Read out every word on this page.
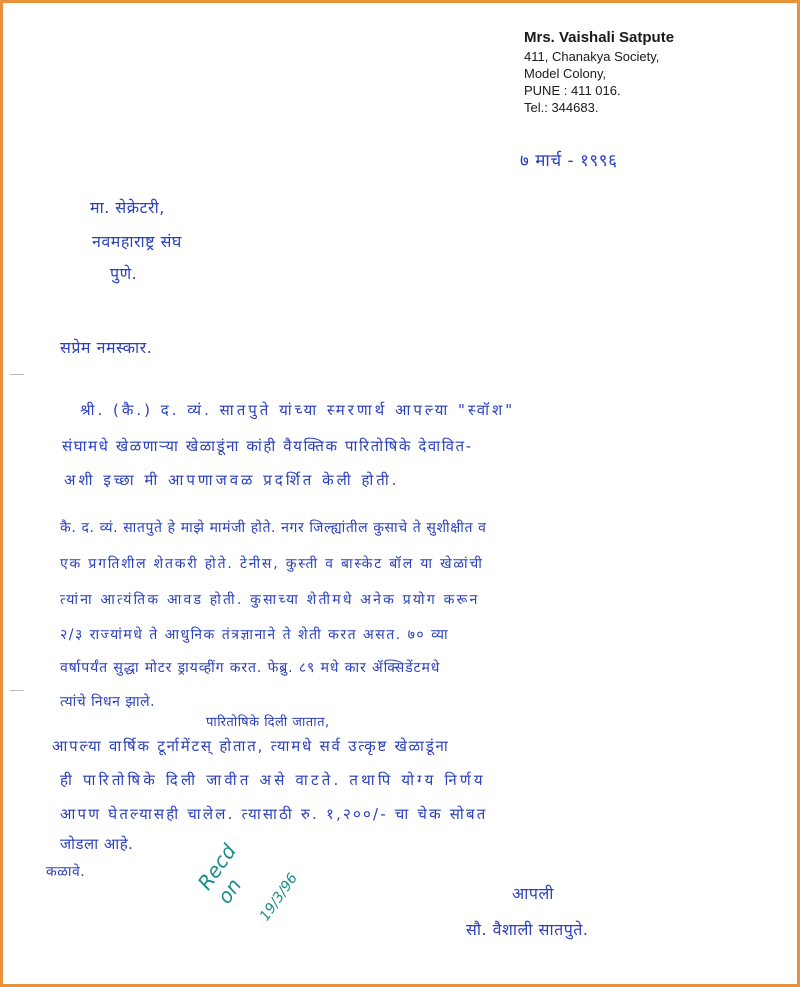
Mrs. Vaishali Satpute
411, Chanakya Society,
Model Colony,
PUNE : 411 016.
Tel.: 344683.
७ मार्च - १९९६
मा. सेक्रेटरी,
नवमहाराष्ट्र संघ
पुणे.
सप्रेम नमस्कार.
श्री. (कै.) द. व्यं. सातपुते यांच्या स्मरणार्थ आपल्या "स्वॉश"
संघामधे खेळणाऱ्या खेळाडूंना कांही वैयक्तिक पारितोषिके देवावित-
अशी इच्छा मी आपणाजवळ प्रदर्शित केली होती.
कै. द. व्यं. सातपुते हे माझे मामंजी होते. नगर जिल्ह्यांतील कुसाचे ते सुशीक्षीत व
एक प्रगतिशील शेतकरी होते. टेनीस, कुस्ती व बास्केट बॉल या खेळांची
त्यांना आत्यंतिक आवड होती. कुसाच्या शेतीमधे अनेक प्रयोग करून
२/३ राज्यांमधे ते आधुनिक तंत्रज्ञानाने ते शेती करत असत. ७० व्या
वर्षापर्यंत सुद्धा मोटर ड्रायव्हींग करत. फेब्रु. ८९ मधे कार ॲक्सिडेंटमधे
त्यांचे निधन झाले.
पारितोषिके दिली जातात,
आपल्या वार्षिक टूर्नामेंटस् होतात, त्यामधे सर्व उत्कृष्ट खेळाडूंना
ही पारितोषिके दिली जावीत असे वाटते. तथापि योग्य निर्णय
आपण घेतल्यासही चालेल. त्यासाठी रु. १,२००/- चा चेक सोबत
जोडला आहे.
कळावे.
आपली
सौ. वैशाली सातपुते.
Recd on 19/3/96
